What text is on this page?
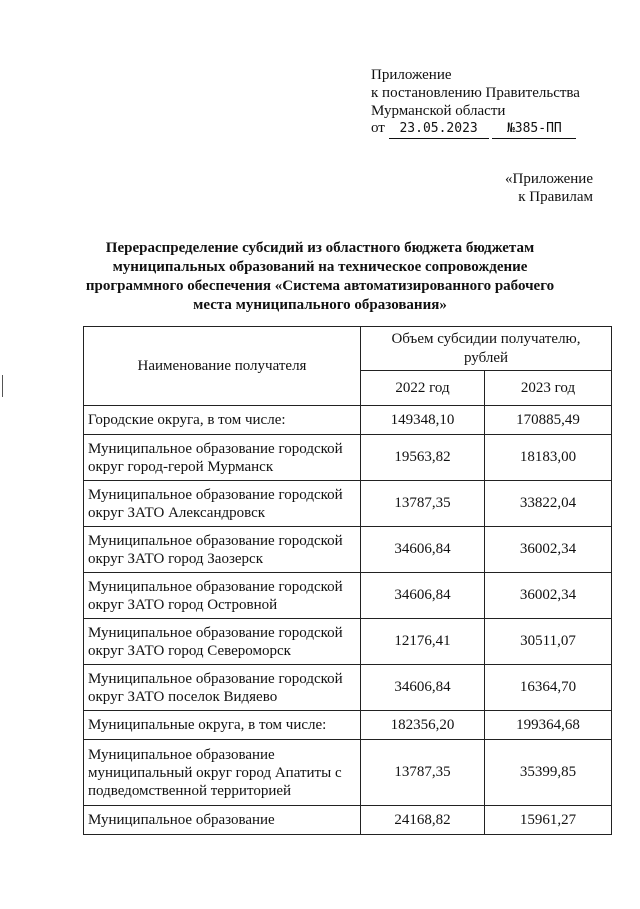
Приложение
к постановлению Правительства
Мурманской области
от 23.05.2023 №385-ПП
«Приложение
к Правилам
Перераспределение субсидий из областного бюджета бюджетам
муниципальных образований на техническое сопровождение
программного обеспечения «Система автоматизированного рабочего
места муниципального образования»
Наименование получателя	Объем субсидии получателю,
рублей	

	2022 год	2023 год

Городские округа, в том числе:	149348,10	170885,49

Муниципальное образование городской
округ город-герой Мурманск	19563,82	18183,00

Муниципальное образование городской
округ ЗАТО Александровск	13787,35	33822,04

Муниципальное образование городской
округ ЗАТО город Заозерск	34606,84	36002,34

Муниципальное образование городской
округ ЗАТО город Островной	34606,84	36002,34

Муниципальное образование городской
округ ЗАТО город Североморск	12176,41	30511,07

Муниципальное образование городской
округ ЗАТО поселок Видяево	34606,84	16364,70

Муниципальные округа, в том числе:	182356,20	199364,68

Муниципальное образование
муниципальный округ город Апатиты с
подведомственной территорией	13787,35	35399,85

Муниципальное образование	24168,82	15961,27
